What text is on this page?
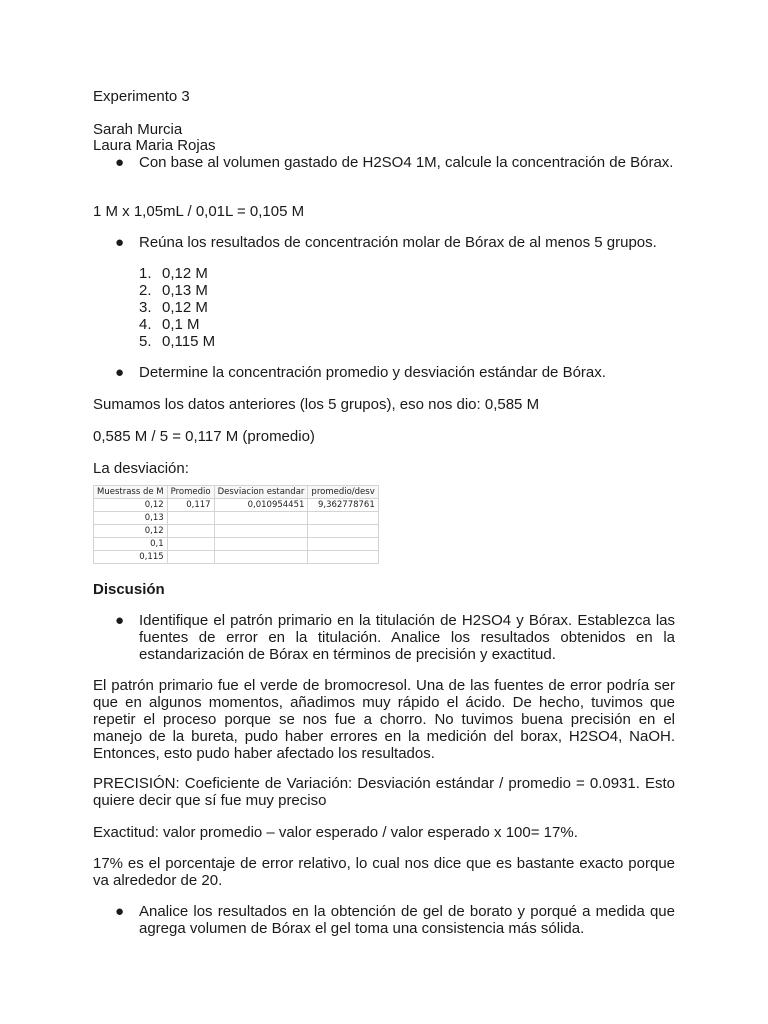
Experimento 3
Sarah Murcia
Laura Maria Rojas
● Con base al volumen gastado de H2SO4 1M, calcule la concentración de Bórax.
1 M x 1,05mL / 0,01L = 0,105 M
● Reúna los resultados de concentración molar de Bórax de al menos 5 grupos.
1. 0,12 M
2. 0,13 M
3. 0,12 M
4. 0,1 M
5. 0,115 M
● Determine la concentración promedio y desviación estándar de Bórax.
Sumamos los datos anteriores (los 5 grupos), eso nos dio: 0,585 M
0,585 M / 5 = 0,117 M (promedio)
La desviación:
Muestrass de M	Promedio	Desviacion estandar	promedio/desv
0,12	0,117	0,010954451	9,362778761
0,13			
0,12			
0,1			
0,115			
Discusión
● Identifique el patrón primario en la titulación de H2SO4 y Bórax. Establezca las fuentes de error en la titulación. Analice los resultados obtenidos en la estandarización de Bórax en términos de precisión y exactitud.
El patrón primario fue el verde de bromocresol. Una de las fuentes de error podría ser que en algunos momentos, añadimos muy rápido el ácido. De hecho, tuvimos que repetir el proceso porque se nos fue a chorro. No tuvimos buena precisión en el manejo de la bureta, pudo haber errores en la medición del borax, H2SO4, NaOH. Entonces, esto pudo haber afectado los resultados.
PRECISIÓN: Coeficiente de Variación: Desviación estándar / promedio = 0.0931. Esto quiere decir que sí fue muy preciso
Exactitud: valor promedio – valor esperado / valor esperado x 100= 17%.
17% es el porcentaje de error relativo, lo cual nos dice que es bastante exacto porque va alrededor de 20.
● Analice los resultados en la obtención de gel de borato y porqué a medida que agrega volumen de Bórax el gel toma una consistencia más sólida.
